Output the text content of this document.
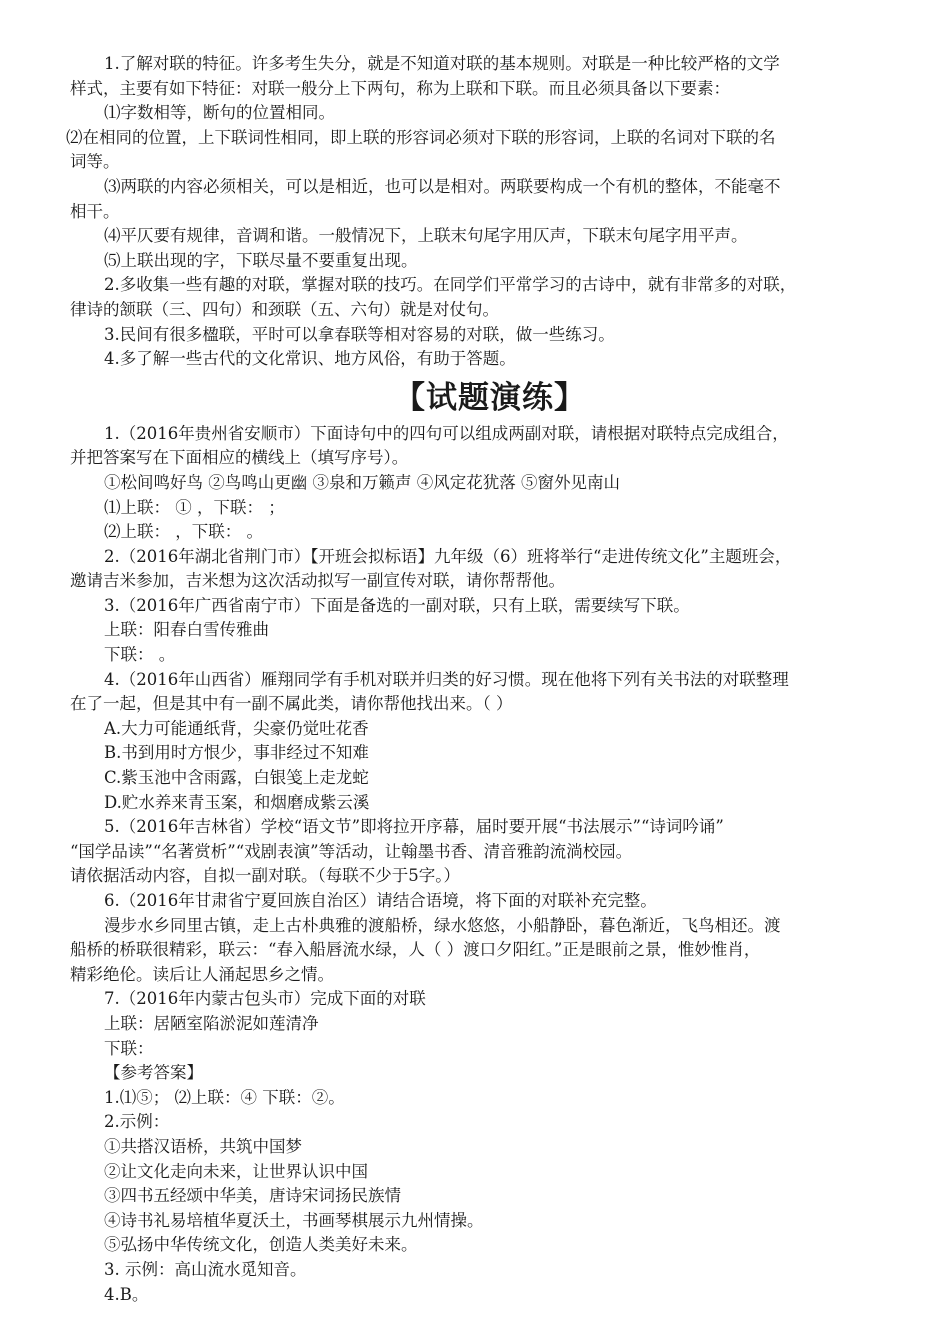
1.了解对联的特征。许多考生失分，就是不知道对联的基本规则。对联是一种比较严格的文学

样式，主要有如下特征：对联一般分上下两句，称为上联和下联。而且必须具备以下要素：

⑴字数相等，断句的位置相同。

⑵在相同的位置，上下联词性相同，即上联的形容词必须对下联的形容词，上联的名词对下联的名

词等。

⑶两联的内容必须相关，可以是相近，也可以是相对。两联要构成一个有机的整体，不能毫不

相干。

⑷平仄要有规律，音调和谐。一般情况下，上联末句尾字用仄声，下联末句尾字用平声。

⑸上联出现的字，下联尽量不要重复出现。

2.多收集一些有趣的对联，掌握对联的技巧。在同学们平常学习的古诗中，就有非常多的对联，

律诗的颔联（三、四句）和颈联（五、六句）就是对仗句。

3.民间有很多楹联，平时可以拿春联等相对容易的对联，做一些练习。

4.多了解一些古代的文化常识、地方风俗，有助于答题。

【试题演练】

1.（2016年贵州省安顺市）下面诗句中的四句可以组成两副对联，请根据对联特点完成组合，

并把答案写在下面相应的横线上（填写序号）。

①松间鸣好鸟 ②鸟鸣山更幽 ③泉和万籁声 ④风定花犹落 ⑤窗外见南山

⑴上联： ① ，下联： ；

⑵上联： ，下联： 。

2.（2016年湖北省荆门市）【开班会拟标语】九年级（6）班将举行“走进传统文化”主题班会，

邀请吉米参加，吉米想为这次活动拟写一副宣传对联，请你帮帮他。

3.（2016年广西省南宁市）下面是备选的一副对联，只有上联，需要续写下联。

上联：阳春白雪传雅曲

下联： 。

4.（2016年山西省）雁翔同学有手机对联并归类的好习惯。现在他将下列有关书法的对联整理

在了一起，但是其中有一副不属此类，请你帮他找出来。（ ）

A.大力可能通纸背，尖豪仍觉吐花香

B.书到用时方恨少，事非经过不知难

C.紫玉池中含雨露，白银笺上走龙蛇

D.贮水养来青玉案，和烟磨成紫云溪

5.（2016年吉林省）学校“语文节”即将拉开序幕，届时要开展“书法展示”“诗词吟诵”

“国学品读”“名著赏析”“戏剧表演”等活动，让翰墨书香、清音雅韵流淌校园。

请依据活动内容，自拟一副对联。（每联不少于5字。）

6.（2016年甘肃省宁夏回族自治区）请结合语境，将下面的对联补充完整。

漫步水乡同里古镇，走上古朴典雅的渡船桥，绿水悠悠，小船静卧，暮色渐近，飞鸟相还。渡

船桥的桥联很精彩，联云：“春入船唇流水绿，人（ ）渡口夕阳红。”正是眼前之景，惟妙惟肖，

精彩绝伦。读后让人涌起思乡之情。

7.（2016年内蒙古包头市）完成下面的对联

上联：居陋室陷淤泥如莲清净

下联：

【参考答案】

1.⑴⑤； ⑵上联：④ 下联：②。

2.示例：

①共搭汉语桥，共筑中国梦

②让文化走向未来，让世界认识中国

③四书五经颂中华美，唐诗宋词扬民族情

④诗书礼易培植华夏沃土，书画琴棋展示九州情操。

⑤弘扬中华传统文化，创造人类美好未来。

3. 示例：高山流水觅知音。

4.B。
